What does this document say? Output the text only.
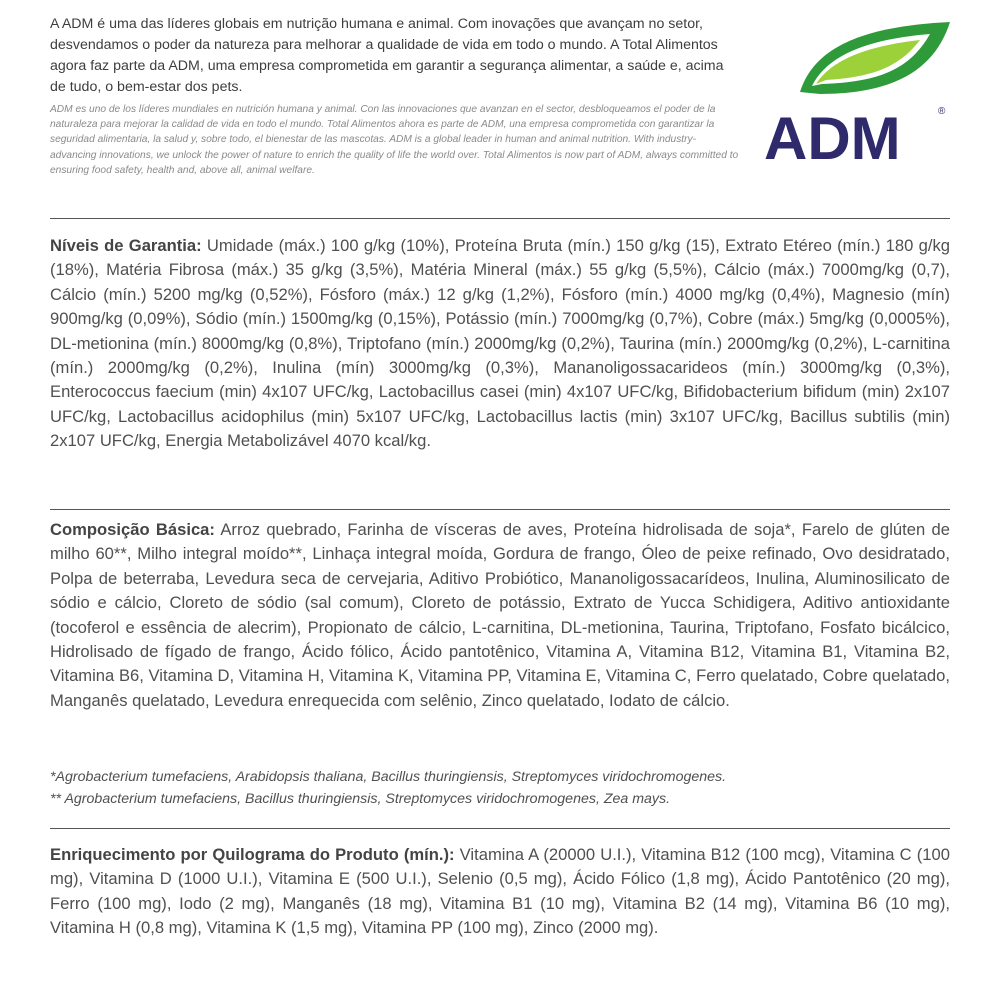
A ADM é uma das líderes globais em nutrição humana e animal. Com inovações que avançam no setor, desvendamos o poder da natureza para melhorar a qualidade de vida em todo o mundo. A Total Alimentos agora faz parte da ADM, uma empresa comprometida em garantir a segurança alimentar, a saúde e, acima de tudo, o bem-estar dos pets.

ADM es uno de los líderes mundiales en nutrición humana y animal. Con las innovaciones que avanzan en el sector, desbloqueamos el poder de la naturaleza para mejorar la calidad de vida en todo el mundo. Total Alimentos ahora es parte de ADM, una empresa comprometida con garantizar la seguridad alimentaria, la salud y, sobre todo, el bienestar de las mascotas. ADM is a global leader in human and animal nutrition. With industry-advancing innovations, we unlock the power of nature to enrich the quality of life the world over. Total Alimentos is now part of ADM, always committed to ensuring food safety, health and, above all, animal welfare.	ADM	®

Níveis de Garantia: Umidade (máx.) 100 g/kg (10%), Proteína Bruta (mín.) 150 g/kg (15), Extrato Etéreo (mín.) 180 g/kg (18%), Matéria Fibrosa (máx.) 35 g/kg (3,5%), Matéria Mineral (máx.) 55 g/kg (5,5%), Cálcio (máx.) 7000mg/kg (0,7), Cálcio (mín.) 5200 mg/kg (0,52%), Fósforo (máx.) 12 g/kg (1,2%), Fósforo (mín.) 4000 mg/kg (0,4%), Magnesio (mín) 900mg/kg (0,09%), Sódio (mín.) 1500mg/kg (0,15%), Potássio (mín.) 7000mg/kg (0,7%), Cobre (máx.) 5mg/kg (0,0005%), DL-metionina (mín.) 8000mg/kg (0,8%), Triptofano (mín.) 2000mg/kg (0,2%), Taurina (mín.) 2000mg/kg (0,2%), L-carnitina (mín.) 2000mg/kg (0,2%), Inulina (mín) 3000mg/kg (0,3%), Mananoligossacarideos (mín.) 3000mg/kg (0,3%), Enterococcus faecium (min) 4x107 UFC/kg, Lactobacillus casei (min) 4x107 UFC/kg, Bifidobacterium bifidum (min) 2x107 UFC/kg, Lactobacillus acidophilus (min) 5x107 UFC/kg, Lactobacillus lactis (min) 3x107 UFC/kg, Bacillus subtilis (min) 2x107 UFC/kg, Energia Metabolizável 4070 kcal/kg.

Composição Básica: Arroz quebrado, Farinha de vísceras de aves, Proteína hidrolisada de soja*, Farelo de glúten de milho 60**, Milho integral moído**, Linhaça integral moída, Gordura de frango, Óleo de peixe refinado, Ovo desidratado, Polpa de beterraba, Levedura seca de cervejaria, Aditivo Probiótico, Mananoligossacarídeos, Inulina, Aluminosilicato de sódio e cálcio, Cloreto de sódio (sal comum), Cloreto de potássio, Extrato de Yucca Schidigera, Aditivo antioxidante (tocoferol e essência de alecrim), Propionato de cálcio, L-carnitina, DL-metionina, Taurina, Triptofano, Fosfato bicálcico, Hidrolisado de fígado de frango, Ácido fólico, Ácido pantotênico, Vitamina A, Vitamina B12, Vitamina B1, Vitamina B2, Vitamina B6, Vitamina D, Vitamina H, Vitamina K, Vitamina PP, Vitamina E, Vitamina C, Ferro quelatado, Cobre quelatado, Manganês quelatado, Levedura enrequecida com selênio, Zinco quelatado, Iodato de cálcio.

*Agrobacterium tumefaciens, Arabidopsis thaliana, Bacillus thuringiensis, Streptomyces viridochromogenes.

** Agrobacterium tumefaciens, Bacillus thuringiensis, Streptomyces viridochromogenes, Zea mays.

Enriquecimento por Quilograma do Produto (mín.): Vitamina A (20000 U.I.), Vitamina B12 (100 mcg), Vitamina C (100 mg), Vitamina D (1000 U.I.), Vitamina E (500 U.I.), Selenio (0,5 mg), Ácido Fólico (1,8 mg), Ácido Pantotênico (20 mg), Ferro (100 mg), Iodo (2 mg), Manganês (18 mg), Vitamina B1 (10 mg), Vitamina B2 (14 mg), Vitamina B6 (10 mg), Vitamina H (0,8 mg), Vitamina K (1,5 mg), Vitamina PP (100 mg), Zinco (2000 mg).
